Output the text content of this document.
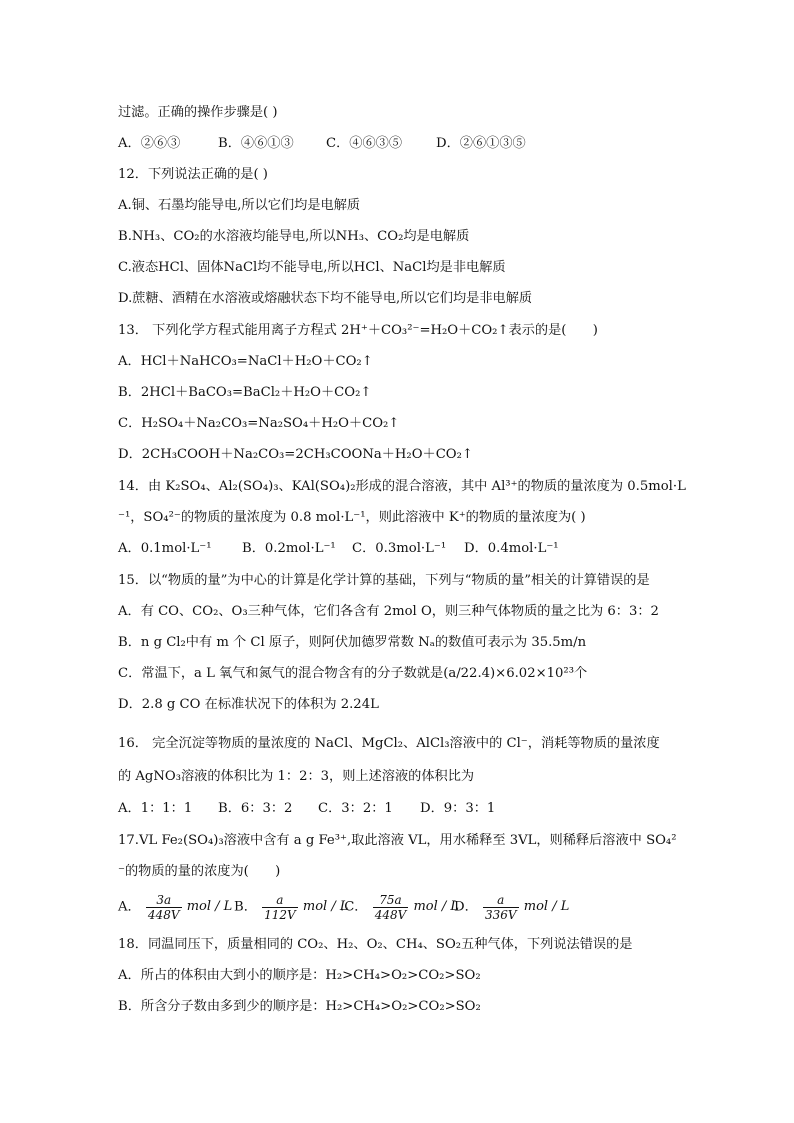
过滤。正确的操作步骤是( )
A．②⑥③	B．④⑥①③ C．④⑥③⑤	D．②⑥①③⑤
12．下列说法正确的是( )
A.铜、石墨均能导电,所以它们均是电解质
B.NH₃、CO₂的水溶液均能导电,所以NH₃、CO₂均是电解质
C.液态HCl、固体NaCl均不能导电,所以HCl、NaCl均是非电解质
D.蔗糖、酒精在水溶液或熔融状态下均不能导电,所以它们均是非电解质
13． 下列化学方程式能用离子方程式 2H⁺＋CO₃²⁻=H₂O＋CO₂↑表示的是(　　)
A．HCl＋NaHCO₃=NaCl＋H₂O＋CO₂↑
B．2HCl＋BaCO₃=BaCl₂＋H₂O＋CO₂↑
C．H₂SO₄＋Na₂CO₃=Na₂SO₄＋H₂O＋CO₂↑
D．2CH₃COOH＋Na₂CO₃=2CH₃COONa＋H₂O＋CO₂↑
14．由 K₂SO₄、Al₂(SO₄)₃、KAl(SO₄)₂形成的混合溶液，其中 Al³⁺的物质的量浓度为 0.5mol·L
⁻¹，SO₄²⁻的物质的量浓度为 0.8 mol·L⁻¹，则此溶液中 K⁺的物质的量浓度为( )
A．0.1mol·L⁻¹ B．0.2mol·L⁻¹ C．0.3mol·L⁻¹ D．0.4mol·L⁻¹
15．以“物质的量”为中心的计算是化学计算的基础，下列与“物质的量”相关的计算错误的是
A．有 CO、CO₂、O₃三种气体，它们各含有 2mol O，则三种气体物质的量之比为 6：3：2
B．n g Cl₂中有 m 个 Cl 原子，则阿伏加德罗常数 Nₐ的数值可表示为 35.5m/n
C．常温下，a L 氧气和氮气的混合物含有的分子数就是(a/22.4)×6.02×10²³个
D．2.8 g CO 在标准状况下的体积为 2.24L
16． 完全沉淀等物质的量浓度的 NaCl、MgCl₂、AlCl₃溶液中的 Cl⁻，消耗等物质的量浓度
的 AgNO₃溶液的体积比为 1：2：3，则上述溶液的体积比为
A．1：1：1 B．6：3：2 C．3：2：1 D．9：3：1
17.VL Fe₂(SO₄)₃溶液中含有 a g Fe³⁺,取此溶液 VL，用水稀释至 3VL，则稀释后溶液中 SO₄²
⁻的物质的量的浓度为(　　)
A． $\frac{3a}{448V}$ mol / L B． $\frac{a}{112V}$ mol / L
.C． $\frac{75a}{448V}$ mol / L
D． $\frac{a}{336V}$ mol / L
18．同温同压下，质量相同的 CO₂、H₂、O₂、CH₄、SO₂五种气体，下列说法错误的是
A．所占的体积由大到小的顺序是：H₂>CH₄>O₂>CO₂>SO₂
B．所含分子数由多到少的顺序是：H₂>CH₄>O₂>CO₂>SO₂
